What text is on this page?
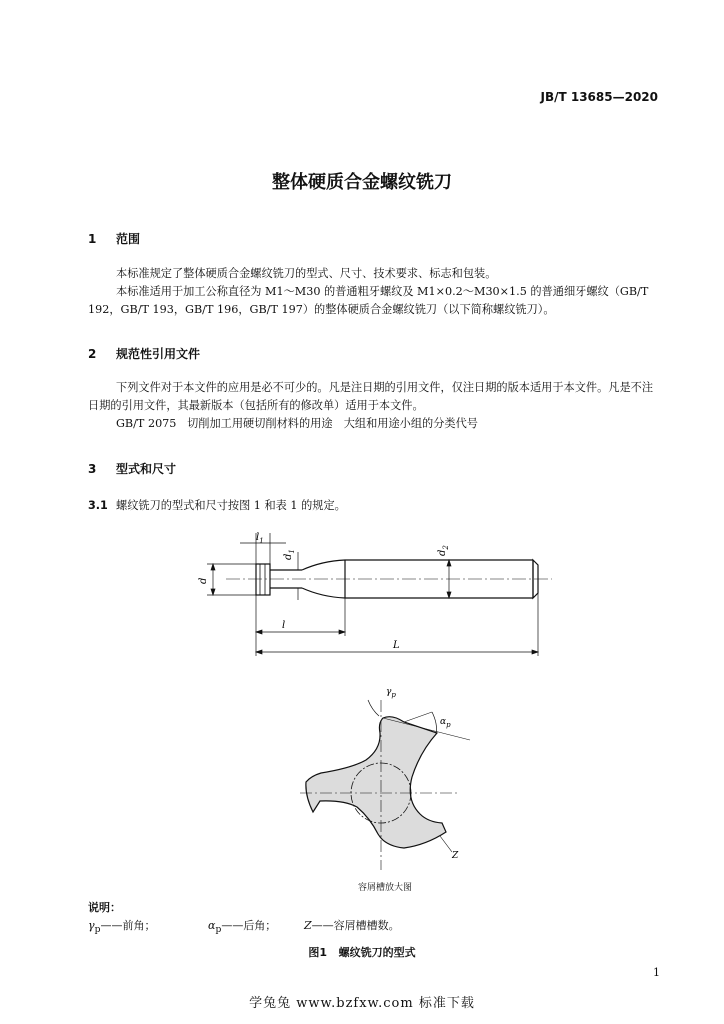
JB/T 13685—2020
整体硬质合金螺纹铣刀
1 范围
本标准规定了整体硬质合金螺纹铣刀的型式、尺寸、技术要求、标志和包装。
本标准适用于加工公称直径为 M1～M30 的普通粗牙螺纹及 M1×0.2～M30×1.5 的普通细牙螺纹（GB/T 192，GB/T 193，GB/T 196，GB/T 197）的整体硬质合金螺纹铣刀（以下简称螺纹铣刀）。
2 规范性引用文件
下列文件对于本文件的应用是必不可少的。凡是注日期的引用文件，仅注日期的版本适用于本文件。凡是不注日期的引用文件，其最新版本（包括所有的修改单）适用于本文件。
GB/T 2075 切削加工用硬切削材料的用途　大组和用途小组的分类代号
3 型式和尺寸
3.1 螺纹铣刀的型式和尺寸按图 1 和表 1 的规定。
$l_1$
$d_1$
d
$d_2$
l
L
$\gamma_p$
$\alpha_p$
Z
容屑槽放大图
说明：
$\gamma_p——$前角；	$\alpha_p——$后角；	Z——容屑槽槽数。
图1 螺纹铣刀的型式
1
学兔兔 www.bzfxw.com 标准下载
